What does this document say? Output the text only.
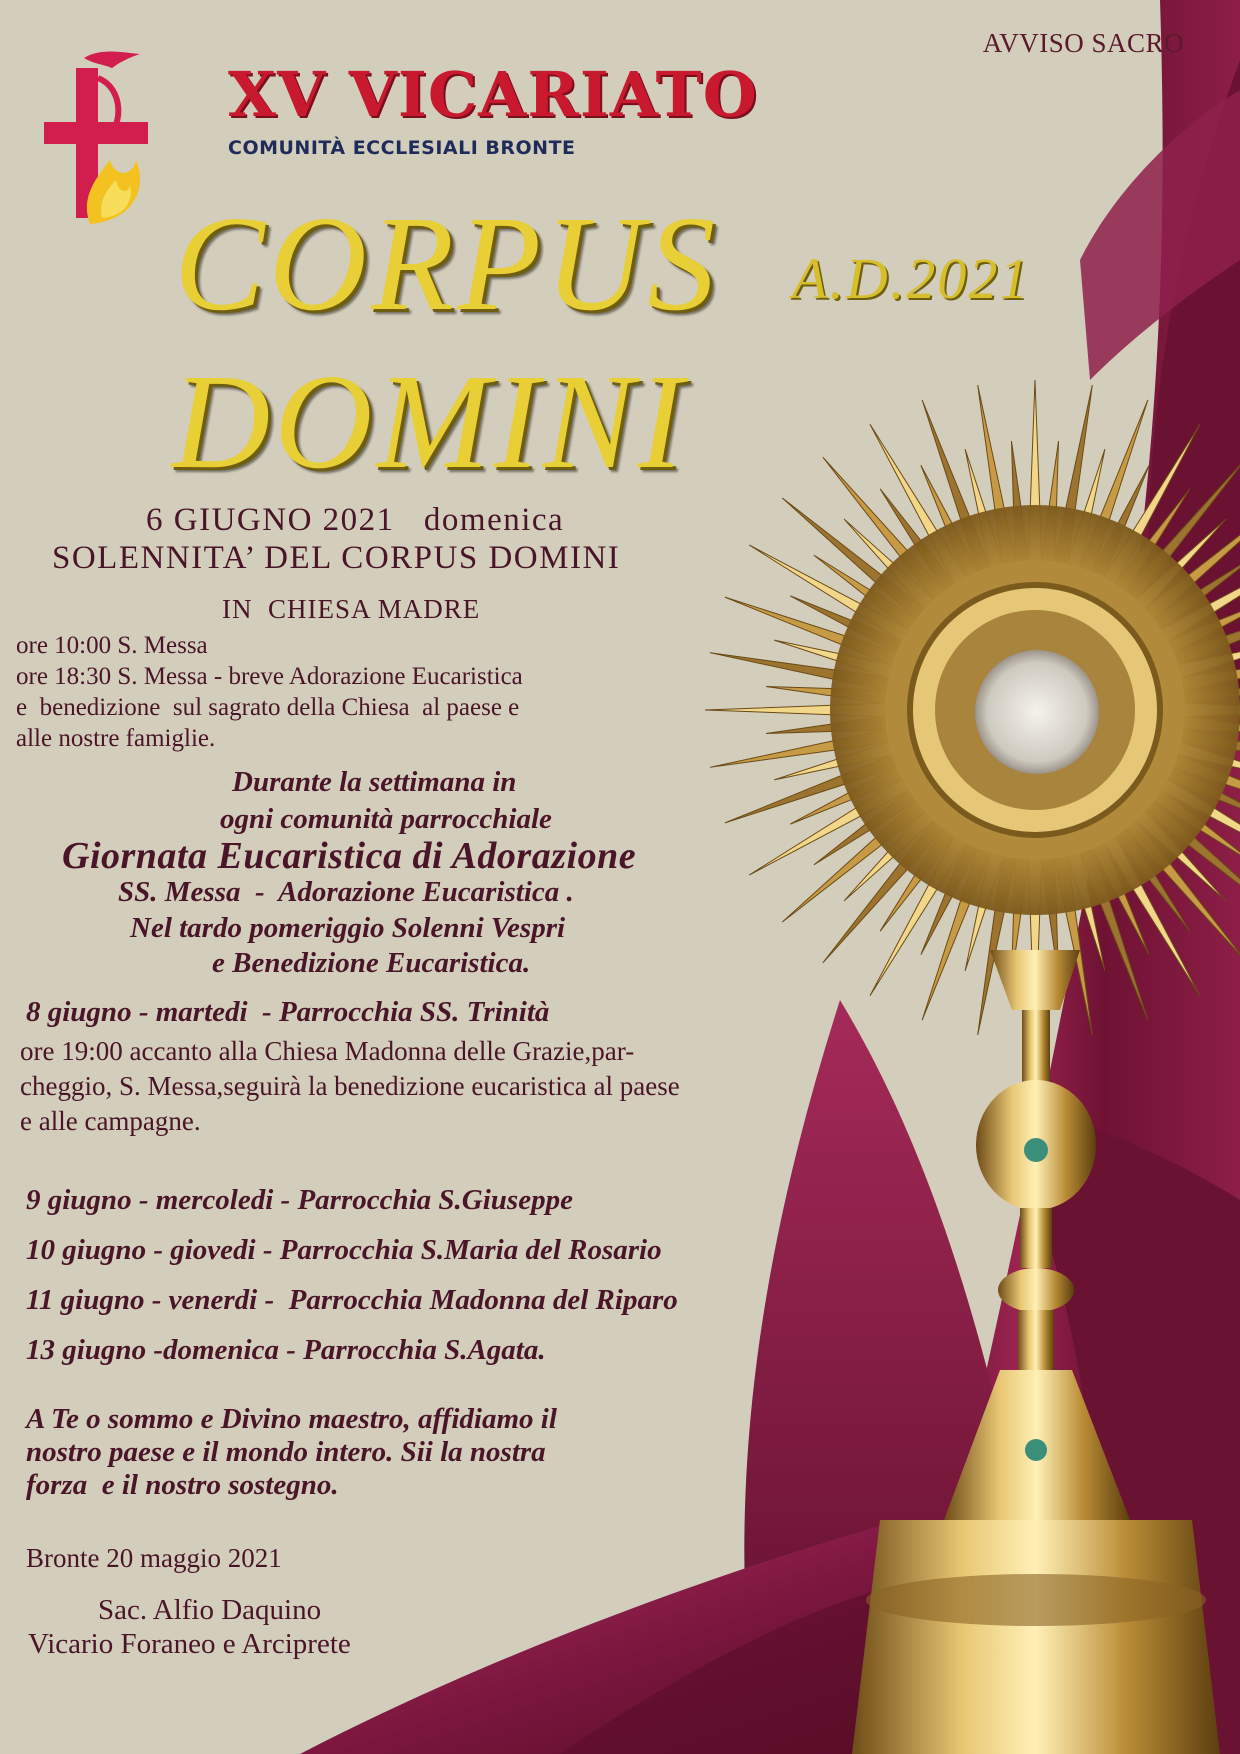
AVVISO SACRO

XV VICARIATO

COMUNITÀ ECCLESIALI BRONTE

CORPUS A.D.2021

DOMINI

6 GIUGNO 2021   domenica

SOLENNITA’ DEL CORPUS DOMINI

IN  CHIESA MADRE

ore 10:00 S. Messa

ore 18:30 S. Messa - breve Adorazione Eucaristica

e  benedizione  sul sagrato della Chiesa  al paese e

alle nostre famiglie.

Durante la settimana in

ogni comunità parrocchiale

Giornata Eucaristica di Adorazione

SS. Messa  -  Adorazione Eucaristica .

Nel tardo pomeriggio Solenni Vespri

e Benedizione Eucaristica.

8 giugno - martedi  - Parrocchia SS. Trinità

ore 19:00 accanto alla Chiesa Madonna delle Grazie,par-

cheggio, S. Messa,seguirà la benedizione eucaristica al paese

e alle campagne.

9 giugno - mercoledi - Parrocchia S.Giuseppe

10 giugno - giovedi - Parrocchia S.Maria del Rosario

11 giugno - venerdi -  Parrocchia Madonna del Riparo

13 giugno -domenica - Parrocchia S.Agata.

A Te o sommo e Divino maestro, affidiamo il

nostro paese e il mondo intero. Sii la nostra

forza  e il nostro sostegno.

Bronte 20 maggio 2021

Sac. Alfio Daquino

Vicario Foraneo e Arciprete
